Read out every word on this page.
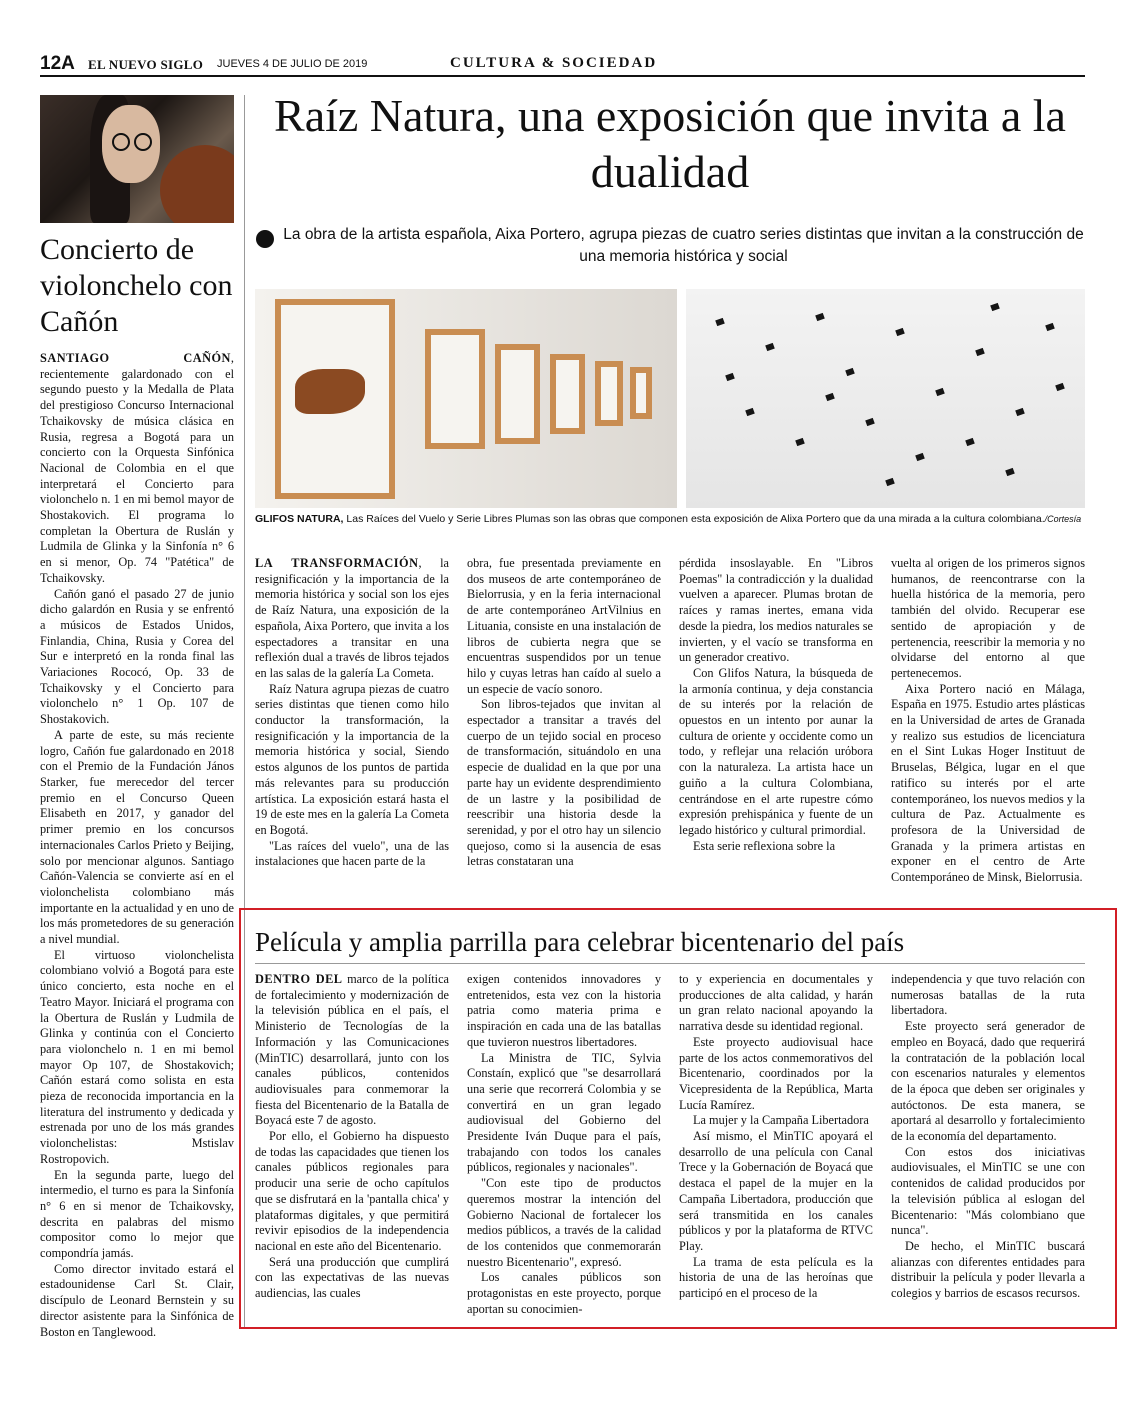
12A EL NUEVO SIGLO JUEVES 4 DE JULIO DE 2019	CULTURA & SOCIEDAD
Concierto de violonchelo con Cañón

SANTIAGO CAÑÓN, recientemente galardonado con el segundo puesto y la Medalla de Plata del prestigioso Concurso Internacional Tchaikovsky de música clásica en Rusia, regresa a Bogotá para un concierto con la Orquesta Sinfónica Nacional de Colombia en el que interpretará el Concierto para violonchelo n. 1 en mi bemol mayor de Shostakovich. El programa lo completan la Obertura de Ruslán y Ludmila de Glinka y la Sinfonía n° 6 en si menor, Op. 74 "Patética" de Tchaikovsky.

Cañón ganó el pasado 27 de junio dicho galardón en Rusia y se enfrentó a músicos de Estados Unidos, Finlandia, China, Rusia y Corea del Sur e interpretó en la ronda final las Variaciones Rococó, Op. 33 de Tchaikovsky y el Concierto para violonchelo n° 1 Op. 107 de Shostakovich.

A parte de este, su más reciente logro, Cañón fue galardonado en 2018 con el Premio de la Fundación János Starker, fue merecedor del tercer premio en el Concurso Queen Elisabeth en 2017, y ganador del primer premio en los concursos internacionales Carlos Prieto y Beijing, solo por mencionar algunos. Santiago Cañón-Valencia se convierte así en el violonchelista colombiano más importante en la actualidad y en uno de los más prometedores de su generación a nivel mundial.

El virtuoso violonchelista colombiano volvió a Bogotá para este único concierto, esta noche en el Teatro Mayor. Iniciará el programa con la Obertura de Ruslán y Ludmila de Glinka y continúa con el Concierto para violonchelo n. 1 en mi bemol mayor Op 107, de Shostakovich; Cañón estará como solista en esta pieza de reconocida importancia en la literatura del instrumento y dedicada y estrenada por uno de los más grandes violonchelistas: Mstislav Rostropovich.

En la segunda parte, luego del intermedio, el turno es para la Sinfonía n° 6 en si menor de Tchaikovsky, descrita en palabras del mismo compositor como lo mejor que compondría jamás.

Como director invitado estará el estadounidense Carl St. Clair, discípulo de Leonard Bernstein y su director asistente para la Sinfónica de Boston en Tanglewood.

Raíz Natura, una exposición que invita a la dualidad
La obra de la artista española, Aixa Portero, agrupa piezas de cuatro series distintas que invitan a la construcción de una memoria histórica y social
GLIFOS NATURA, Las Raíces del Vuelo y Serie Libres Plumas son las obras que componen esta exposición de Alixa Portero que da una mirada a la cultura colombiana./Cortesía

LA TRANSFORMACIÓN, la resignificación y la importancia de la memoria histórica y social son los ejes de Raíz Natura, una exposición de la española, Aixa Portero, que invita a los espectadores a transitar en una reflexión dual a través de libros tejados en las salas de la galería La Cometa.

Raíz Natura agrupa piezas de cuatro series distintas que tienen como hilo conductor la transformación, la resignificación y la importancia de la memoria histórica y social, Siendo estos algunos de los puntos de partida más relevantes para su producción artística. La exposición estará hasta el 19 de este mes en la galería La Cometa en Bogotá.

"Las raíces del vuelo", una de las instalaciones que hacen parte de la

obra, fue presentada previamente en dos museos de arte contemporáneo de Bielorrusia, y en la feria internacional de arte contemporáneo ArtVilnius en Lituania, consiste en una instalación de libros de cubierta negra que se encuentras suspendidos por un tenue hilo y cuyas letras han caído al suelo a un especie de vacío sonoro.

Son libros-tejados que invitan al espectador a transitar a través del cuerpo de un tejido social en proceso de transformación, situándolo en una especie de dualidad en la que por una parte hay un evidente desprendimiento de un lastre y la posibilidad de reescribir una historia desde la serenidad, y por el otro hay un silencio quejoso, como si la ausencia de esas letras constataran una

pérdida insoslayable. En "Libros Poemas" la contradicción y la dualidad vuelven a aparecer. Plumas brotan de raíces y ramas inertes, emana vida desde la piedra, los medios naturales se invierten, y el vacío se transforma en un generador creativo.

Con Glifos Natura, la búsqueda de la armonía continua, y deja constancia de su interés por la relación de opuestos en un intento por aunar la cultura de oriente y occidente como un todo, y reflejar una relación urόbora con la naturaleza. La artista hace un guiño a la cultura Colombiana, centrándose en el arte rupestre cómo expresión prehispánica y fuente de un legado histórico y cultural primordial.

Esta serie reflexiona sobre la

vuelta al origen de los primeros signos humanos, de reencontrarse con la huella histórica de la memoria, pero también del olvido. Recuperar ese sentido de apropiación y de pertenencia, reescribir la memoria y no olvidarse del entorno al que pertenecemos.

Aixa Portero nació en Málaga, España en 1975. Estudio artes plásticas en la Universidad de artes de Granada y realizo sus estudios de licenciatura en el Sint Lukas Hoger Instituut de Bruselas, Bélgica, lugar en el que ratifico su interés por el arte contemporáneo, los nuevos medios y la cultura de Paz. Actualmente es profesora de la Universidad de Granada y la primera artistas en exponer en el centro de Arte Contemporáneo de Minsk, Bielorrusia.

Película y amplia parrilla para celebrar bicentenario del país

DENTRO DEL marco de la política de fortalecimiento y modernización de la televisión pública en el país, el Ministerio de Tecnologías de la Información y las Comunicaciones (MinTIC) desarrollará, junto con los canales públicos, contenidos audiovisuales para conmemorar la fiesta del Bicentenario de la Batalla de Boyacá este 7 de agosto.

Por ello, el Gobierno ha dispuesto de todas las capacidades que tienen los canales públicos regionales para producir una serie de ocho capítulos que se disfrutará en la 'pantalla chica' y plataformas digitales, y que permitirá revivir episodios de la independencia nacional en este año del Bicentenario.

Será una producción que cumplirá con las expectativas de las nuevas audiencias, las cuales

exigen contenidos innovadores y entretenidos, esta vez con la historia patria como materia prima e inspiración en cada una de las batallas que tuvieron nuestros libertadores.

La Ministra de TIC, Sylvia Constaín, explicó que "se desarrollará una serie que recorrerá Colombia y se convertirá en un gran legado audiovisual del Gobierno del Presidente Iván Duque para el país, trabajando con todos los canales públicos, regionales y nacionales".

"Con este tipo de productos queremos mostrar la intención del Gobierno Nacional de fortalecer los medios públicos, a través de la calidad de los contenidos que conmemorarán nuestro Bicentenario", expresó.

Los canales públicos son protagonistas en este proyecto, porque aportan su conocimien-

to y experiencia en documentales y producciones de alta calidad, y harán un gran relato nacional apoyando la narrativa desde su identidad regional.

Este proyecto audiovisual hace parte de los actos conmemorativos del Bicentenario, coordinados por la Vicepresidenta de la República, Marta Lucía Ramírez.

La mujer y la Campaña Libertadora

Así mismo, el MinTIC apoyará el desarrollo de una película con Canal Trece y la Gobernación de Boyacá que destaca el papel de la mujer en la Campaña Libertadora, producción que será transmitida en los canales públicos y por la plataforma de RTVC Play.

La trama de esta película es la historia de una de las heroínas que participó en el proceso de la

independencia y que tuvo relación con numerosas batallas de la ruta libertadora.

Este proyecto será generador de empleo en Boyacá, dado que requerirá la contratación de la población local con escenarios naturales y elementos de la época que deben ser originales y autóctonos. De esta manera, se aportará al desarrollo y fortalecimiento de la economía del departamento.

Con estos dos iniciativas audiovisuales, el MinTIC se une con contenidos de calidad producidos por la televisión pública al eslogan del Bicentenario: "Más colombiano que nunca".

De hecho, el MinTIC buscará alianzas con diferentes entidades para distribuir la película y poder llevarla a colegios y barrios de escasos recursos.
